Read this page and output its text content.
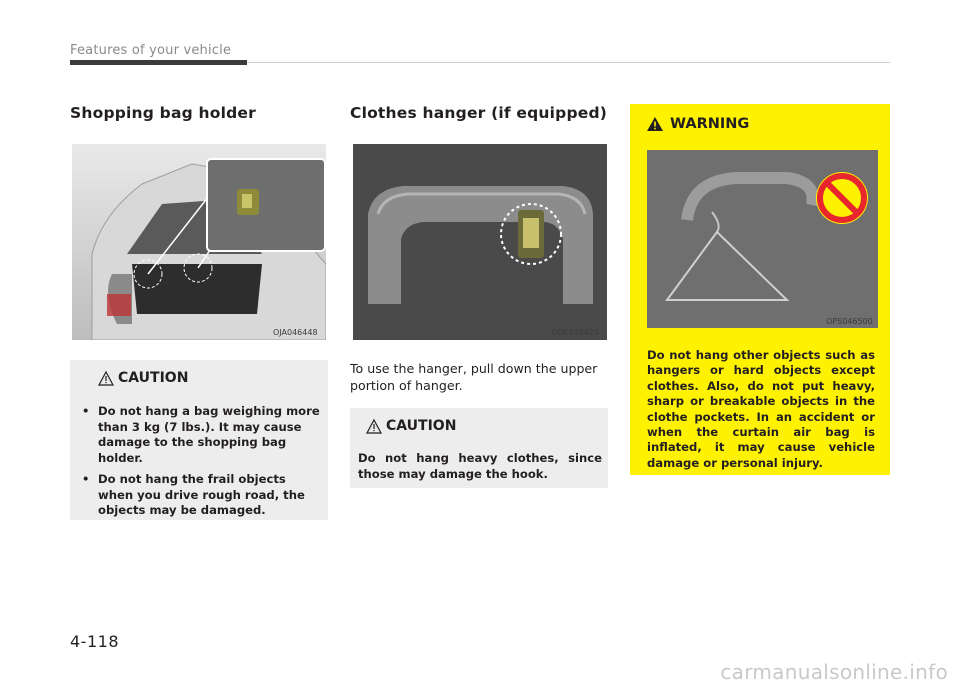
Features of your vehicle
Shopping bag holder
OJA046448
CAUTION
• Do not hang a bag weighing more than 3 kg (7 lbs.). It may cause damage to the shopping bag holder.
• Do not hang the frail objects when you drive rough road, the objects may be damaged.
Clothes hanger (if equipped)
ODE046425
To use the hanger, pull down the upper portion of hanger.
CAUTION
Do not hang heavy clothes, since those may damage the hook.
WARNING
OPS046500
Do not hang other objects such as hangers or hard objects except clothes. Also, do not put heavy, sharp or breakable objects in the clothe pockets. In an accident or when the curtain air bag is inflated, it may cause vehicle damage or personal injury.
4-118
carmanualsonline.info
